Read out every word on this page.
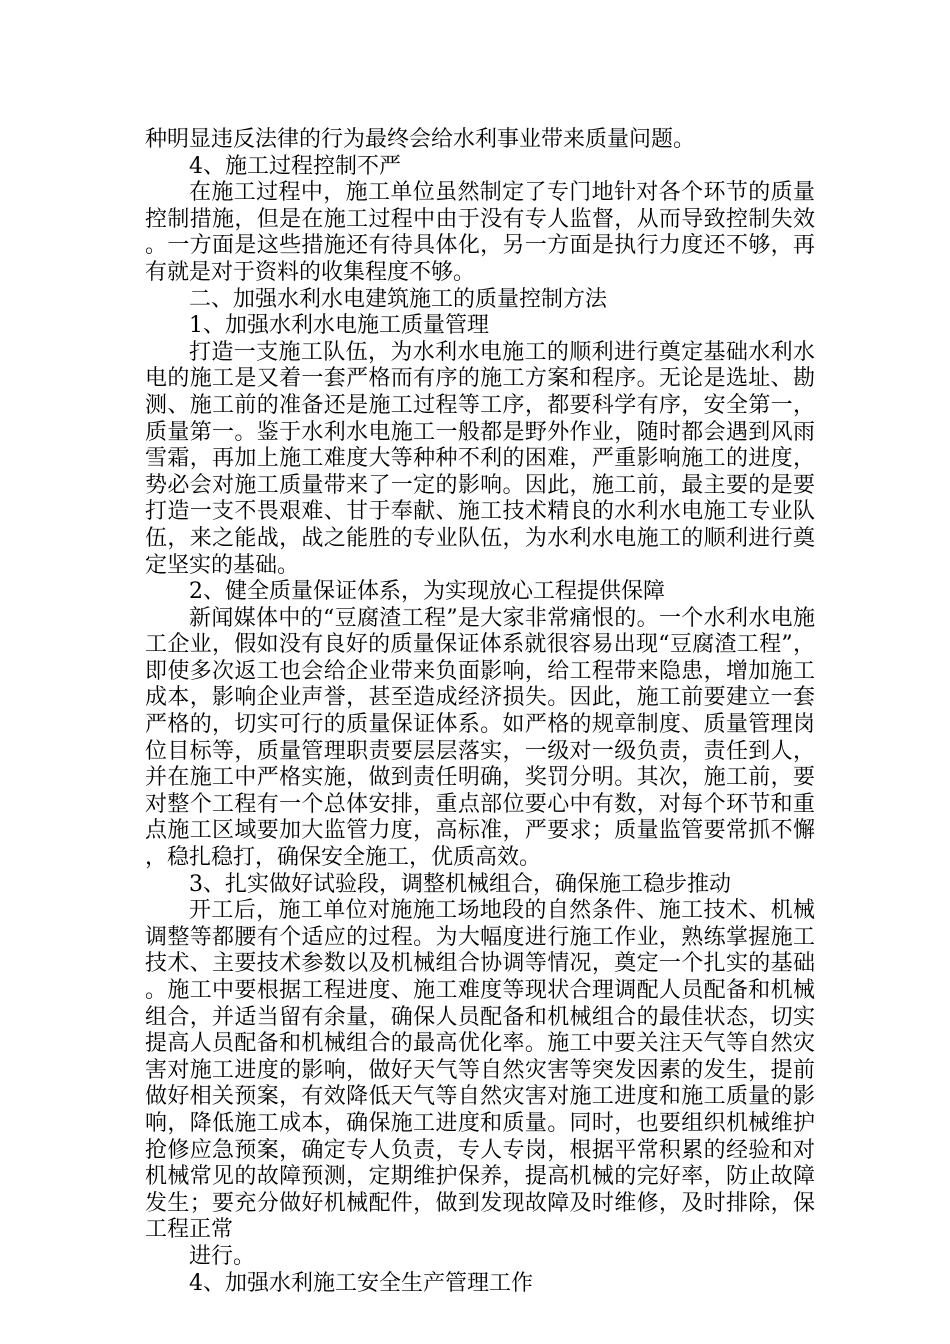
种明显违反法律的行为最终会给水利事业带来质量问题。

4、施工过程控制不严

在施工过程中，施工单位虽然制定了专门地针对各个环节的质量控制措施，但是在施工过程中由于没有专人监督，从而导致控制失效。一方面是这些措施还有待具体化，另一方面是执行力度还不够，再有就是对于资料的收集程度不够。

二、加强水利水电建筑施工的质量控制方法

1、加强水利水电施工质量管理

打造一支施工队伍，为水利水电施工的顺利进行奠定基础水利水电的施工是又着一套严格而有序的施工方案和程序。无论是选址、勘测、施工前的准备还是施工过程等工序，都要科学有序，安全第一，质量第一。鉴于水利水电施工一般都是野外作业，随时都会遇到风雨雪霜，再加上施工难度大等种种不利的困难，严重影响施工的进度，势必会对施工质量带来了一定的影响。因此，施工前，最主要的是要打造一支不畏艰难、甘于奉献、施工技术精良的水利水电施工专业队伍，来之能战，战之能胜的专业队伍，为水利水电施工的顺利进行奠定坚实的基础。

2、健全质量保证体系，为实现放心工程提供保障

新闻媒体中的“豆腐渣工程”是大家非常痛恨的。一个水利水电施工企业，假如没有良好的质量保证体系就很容易出现“豆腐渣工程”，即使多次返工也会给企业带来负面影响，给工程带来隐患，增加施工成本，影响企业声誉，甚至造成经济损失。因此，施工前要建立一套严格的，切实可行的质量保证体系。如严格的规章制度、质量管理岗位目标等，质量管理职责要层层落实，一级对一级负责，责任到人，并在施工中严格实施，做到责任明确，奖罚分明。其次，施工前，要对整个工程有一个总体安排，重点部位要心中有数，对每个环节和重点施工区域要加大监管力度，高标准，严要求；质量监管要常抓不懈，稳扎稳打，确保安全施工，优质高效。

3、扎实做好试验段，调整机械组合，确保施工稳步推动

开工后，施工单位对施施工场地段的自然条件、施工技术、机械调整等都腰有个适应的过程。为大幅度进行施工作业，熟练掌握施工技术、主要技术参数以及机械组合协调等情况，奠定一个扎实的基础。施工中要根据工程进度、施工难度等现状合理调配人员配备和机械组合，并适当留有余量，确保人员配备和机械组合的最佳状态，切实提高人员配备和机械组合的最高优化率。施工中要关注天气等自然灾害对施工进度的影响，做好天气等自然灾害等突发因素的发生，提前做好相关预案，有效降低天气等自然灾害对施工进度和施工质量的影响，降低施工成本，确保施工进度和质量。同时，也要组织机械维护抢修应急预案，确定专人负责，专人专岗，根据平常积累的经验和对机械常见的故障预测，定期维护保养，提高机械的完好率，防止故障发生；要充分做好机械配件，做到发现故障及时维修，及时排除，保工程正常

进行。

4、加强水利施工安全生产管理工作
